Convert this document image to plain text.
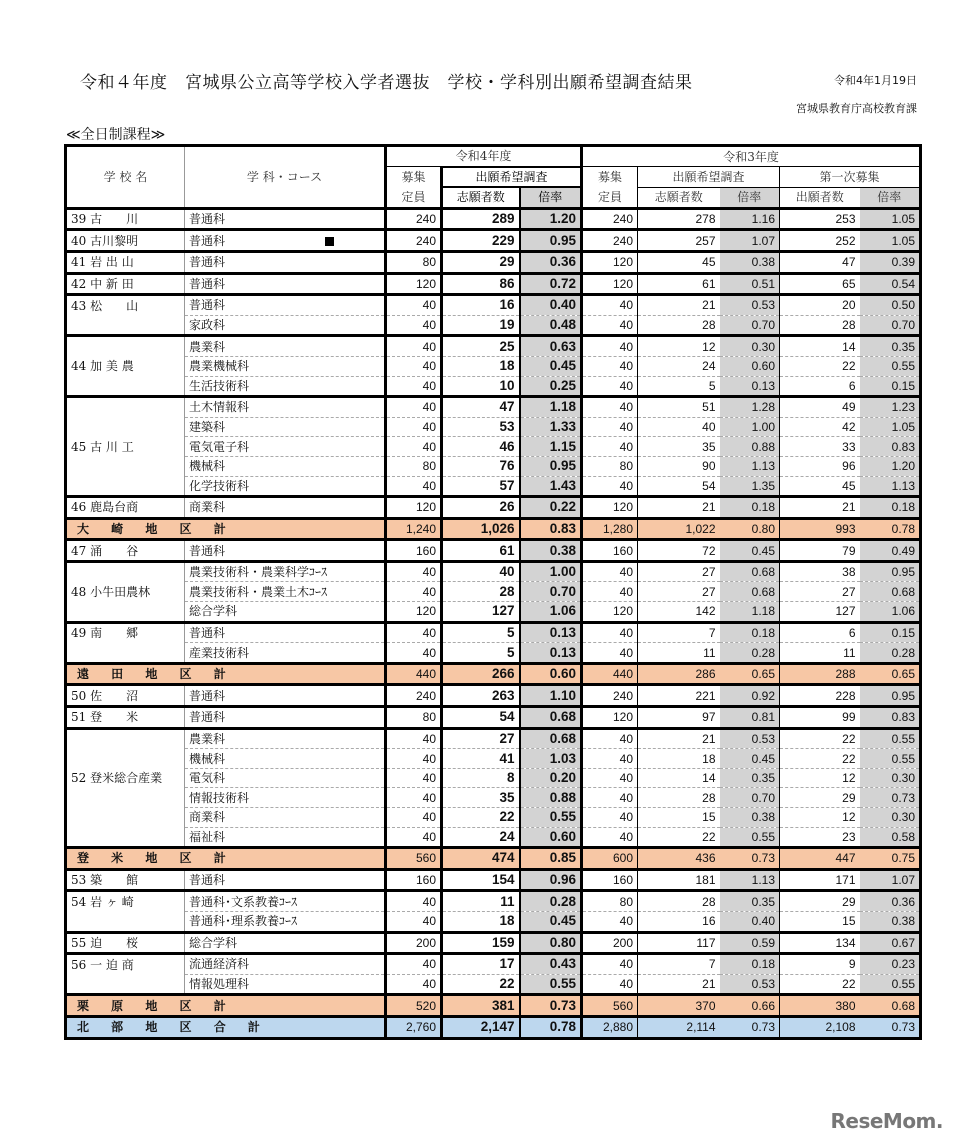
令和４年度　宮城県公立高等学校入学者選抜　学校・学科別出願希望調査結果	令和4年1月19日
宮城県教育庁高校教育課
≪全日制課程≫
学 校 名	学 科・コース	令和4年度			令和3年度				
		募集	出願希望調査		募集	出願希望調査		第一次募集	
		定員	志願者数	倍率	定員	志願者数	倍率	出願者数	倍率
39 古　　川	普通科	240	289	1.20	240	278	1.16	253	1.05
40 古川黎明	普通科	240	229	0.95	240	257	1.07	252	1.05
41 岩 出 山	普通科	80	29	0.36	120	45	0.38	47	0.39
42 中 新 田	普通科	120	86	0.72	120	61	0.51	65	0.54
43 松　　山	普通科	40	16	0.40	40	21	0.53	20	0.50
	家政科	40	19	0.48	40	28	0.70	28	0.70
	農業科	40	25	0.63	40	12	0.30	14	0.35
44 加 美 農	農業機械科	40	18	0.45	40	24	0.60	22	0.55
	生活技術科	40	10	0.25	40	5	0.13	6	0.15
	土木情報科	40	47	1.18	40	51	1.28	49	1.23
	建築科	40	53	1.33	40	40	1.00	42	1.05
45 古 川 工	電気電子科	40	46	1.15	40	35	0.88	33	0.83
	機械科	80	76	0.95	80	90	1.13	96	1.20
	化学技術科	40	57	1.43	40	54	1.35	45	1.13
46 鹿島台商	商業科	120	26	0.22	120	21	0.18	21	0.18
大 崎 地 区 計		1,240	1,026	0.83	1,280	1,022	0.80	993	0.78
47 涌　　谷	普通科	160	61	0.38	160	72	0.45	79	0.49
	農業技術科・農業科学ｺｰｽ	40	40	1.00	40	27	0.68	38	0.95
48 小牛田農林	農業技術科・農業土木ｺｰｽ	40	28	0.70	40	27	0.68	27	0.68
	総合学科	120	127	1.06	120	142	1.18	127	1.06
49 南　　郷	普通科	40	5	0.13	40	7	0.18	6	0.15
	産業技術科	40	5	0.13	40	11	0.28	11	0.28
遠 田 地 区 計		440	266	0.60	440	286	0.65	288	0.65
50 佐　　沼	普通科	240	263	1.10	240	221	0.92	228	0.95
51 登　　米	普通科	80	54	0.68	120	97	0.81	99	0.83
	農業科	40	27	0.68	40	21	0.53	22	0.55
	機械科	40	41	1.03	40	18	0.45	22	0.55
52 登米総合産業	電気科	40	8	0.20	40	14	0.35	12	0.30
	情報技術科	40	35	0.88	40	28	0.70	29	0.73
	商業科	40	22	0.55	40	15	0.38	12	0.30
	福祉科	40	24	0.60	40	22	0.55	23	0.58
登 米 地 区 計		560	474	0.85	600	436	0.73	447	0.75
53 築　　館	普通科	160	154	0.96	160	181	1.13	171	1.07
54 岩 ヶ 崎	普通科･文系教養ｺｰｽ	40	11	0.28	80	28	0.35	29	0.36
	普通科･理系教養ｺｰｽ	40	18	0.45	40	16	0.40	15	0.38
55 迫　　桜	総合学科	200	159	0.80	200	117	0.59	134	0.67
56 一 迫 商	流通経済科	40	17	0.43	40	7	0.18	9	0.23
	情報処理科	40	22	0.55	40	21	0.53	22	0.55
栗 原 地 区 計		520	381	0.73	560	370	0.66	380	0.68
北 部 地 区 合 計		2,760	2,147	0.78	2,880	2,114	0.73	2,108	0.73
ReseMom.
